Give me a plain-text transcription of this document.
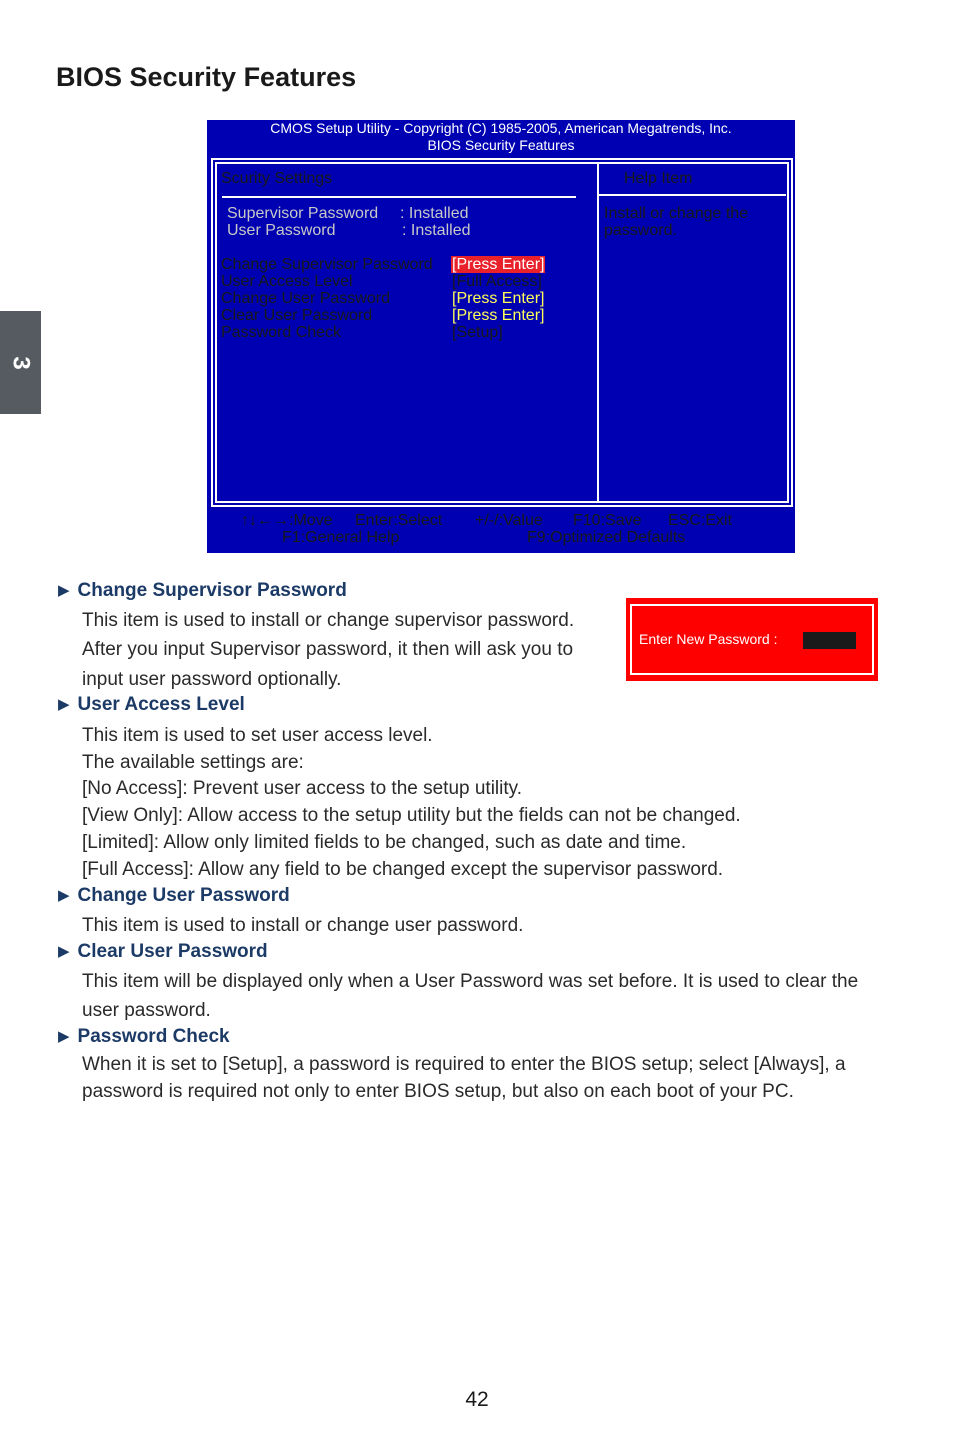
BIOS Security Features
3
CMOS Setup Utility - Copyright (C) 1985-2005, American Megatrends, Inc.
BIOS Security Features
Scurity Settings	Help Item
Supervisor Password : Installed
User Password	: Installed
Change Supervisor Password [Press Enter]
User Access Level	[Full Access]
Change User Password	[Press Enter]
Clear User Password	[Press Enter]
Password Check	[Setup]
Install or change the
password.
↑↓←→:Move Enter:Select +/-/:Value F10:Save ESC:Exit
F1:General Help	F9:Optimized Defaults
Enter New Password :
▶ Change Supervisor Password
This item is used to install or change supervisor password.
After you input Supervisor password, it then will ask you to
input user password optionally.
▶ User Access Level
This item is used to set user access level.
The available settings are:
[No Access]: Prevent user access to the setup utility.
[View Only]: Allow access to the setup utility but the fields can not be changed.
[Limited]: Allow only limited fields to be changed, such as date and time.
[Full Access]: Allow any field to be changed except the supervisor password.
▶ Change User Password
This item is used to install or change user password.
▶ Clear User Password
This item will be displayed only when a User Password was set before. It is used to clear the
user password.
▶ Password Check
When it is set to [Setup], a password is required to enter the BIOS setup; select [Always], a
password is required not only to enter BIOS setup, but also on each boot of your PC.
42
